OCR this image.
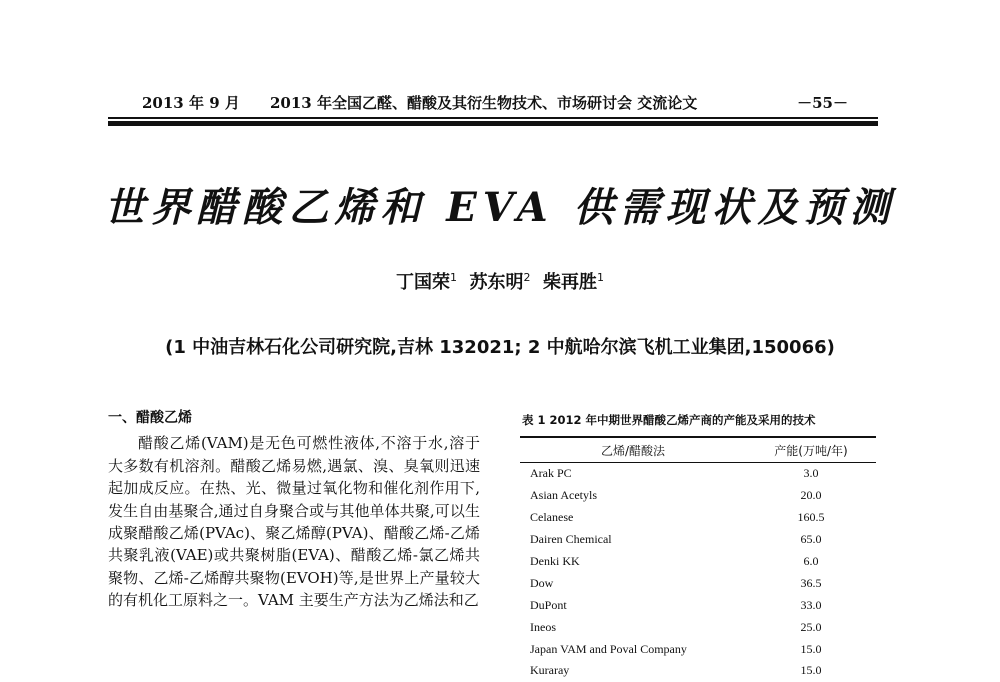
2013 年 9 月 2013 年全国乙醛、醋酸及其衍生物技术、市场研讨会 交流论文	－55－
世界醋酸乙烯和 EVA 供需现状及预测
丁国荣$^1$ 苏东明$^2$ 柴再胜$^1$
(1 中油吉林石化公司研究院,吉林 132021; 2 中航哈尔滨飞机工业集团,150066)
一、醋酸乙烯

醋酸乙烯(VAM)是无色可燃性液体,不溶于水,溶于大多数有机溶剂。醋酸乙烯易燃,遇氯、溴、臭氧则迅速起加成反应。在热、光、微量过氧化物和催化剂作用下,发生自由基聚合,通过自身聚合或与其他单体共聚,可以生成聚醋酸乙烯(PVAc)、聚乙烯醇(PVA)、醋酸乙烯-乙烯共聚乳液(VAE)或共聚树脂(EVA)、醋酸乙烯-氯乙烯共聚物、乙烯-乙烯醇共聚物(EVOH)等,是世界上产量较大的有机化工原料之一。VAM 主要生产方法为乙烯法和乙

表 1 2012 年中期世界醋酸乙烯产商的产能及采用的技术
乙烯/醋酸法	产能(万吨/年)
Arak PC	3.0
Asian Acetyls	20.0
Celanese	160.5
Dairen Chemical	65.0
Denki KK	6.0
Dow	36.5
DuPont	33.0
Ineos	25.0
Japan VAM and Poval Company	15.0
Kuraray	15.0
